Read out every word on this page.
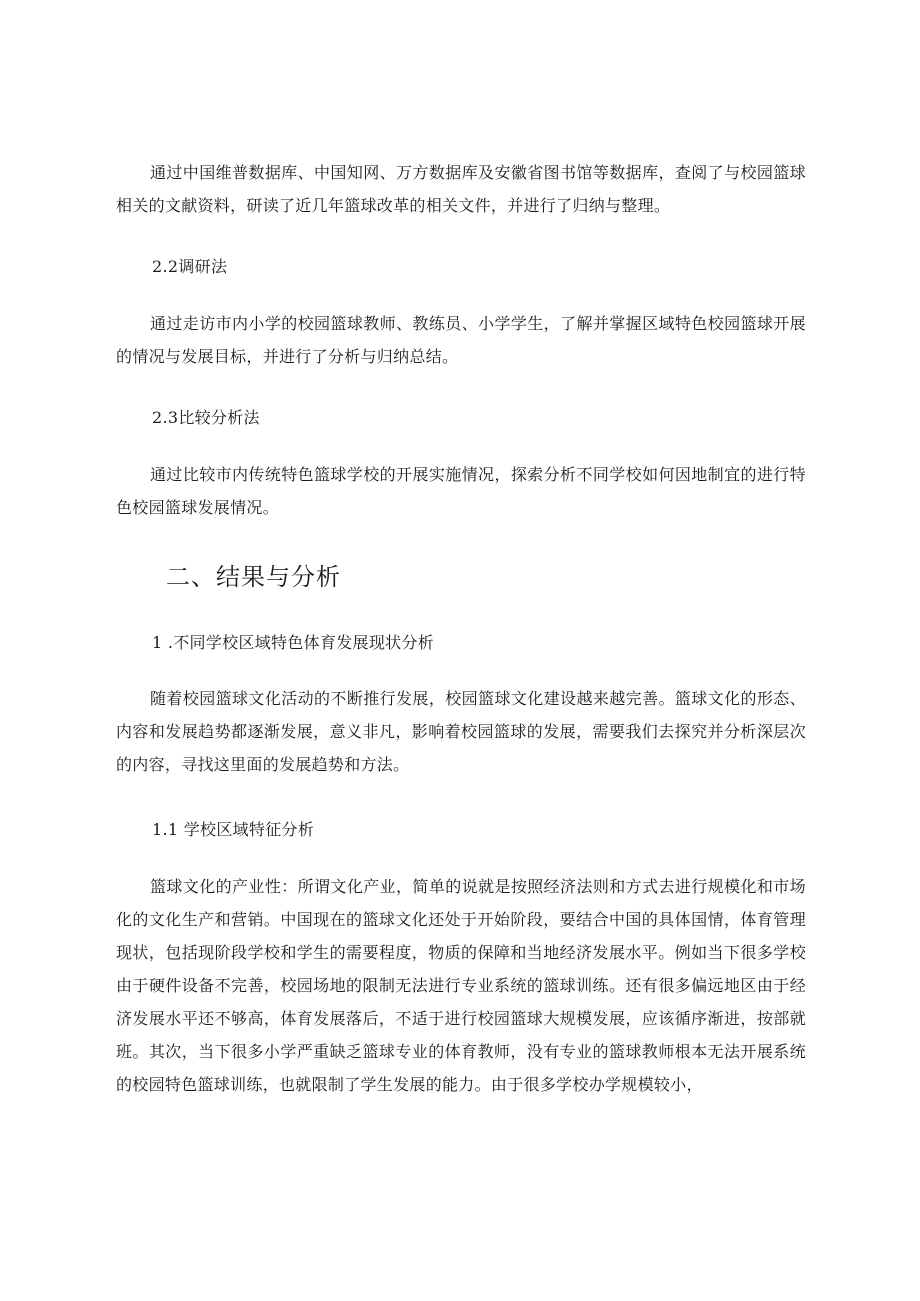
通过中国维普数据库、中国知网、万方数据库及安徽省图书馆等数据库，查阅了与校园篮球相关的文献资料，研读了近几年篮球改革的相关文件，并进行了归纳与整理。

2.2调研法

通过走访市内小学的校园篮球教师、教练员、小学学生，了解并掌握区域特色校园篮球开展的情况与发展目标，并进行了分析与归纳总结。

2.3比较分析法

通过比较市内传统特色篮球学校的开展实施情况，探索分析不同学校如何因地制宜的进行特色校园篮球发展情况。

二、结果与分析

1 .不同学校区域特色体育发展现状分析

随着校园篮球文化活动的不断推行发展，校园篮球文化建设越来越完善。篮球文化的形态、内容和发展趋势都逐渐发展，意义非凡，影响着校园篮球的发展，需要我们去探究并分析深层次的内容，寻找这里面的发展趋势和方法。

1.1 学校区域特征分析

篮球文化的产业性：所谓文化产业，简单的说就是按照经济法则和方式去进行规模化和市场化的文化生产和营销。中国现在的篮球文化还处于开始阶段，要结合中国的具体国情，体育管理现状，包括现阶段学校和学生的需要程度，物质的保障和当地经济发展水平。例如当下很多学校由于硬件设备不完善，校园场地的限制无法进行专业系统的篮球训练。还有很多偏远地区由于经济发展水平还不够高，体育发展落后，不适于进行校园篮球大规模发展，应该循序渐进，按部就班。其次，当下很多小学严重缺乏篮球专业的体育教师，没有专业的篮球教师根本无法开展系统的校园特色篮球训练，也就限制了学生发展的能力。由于很多学校办学规模较小，
